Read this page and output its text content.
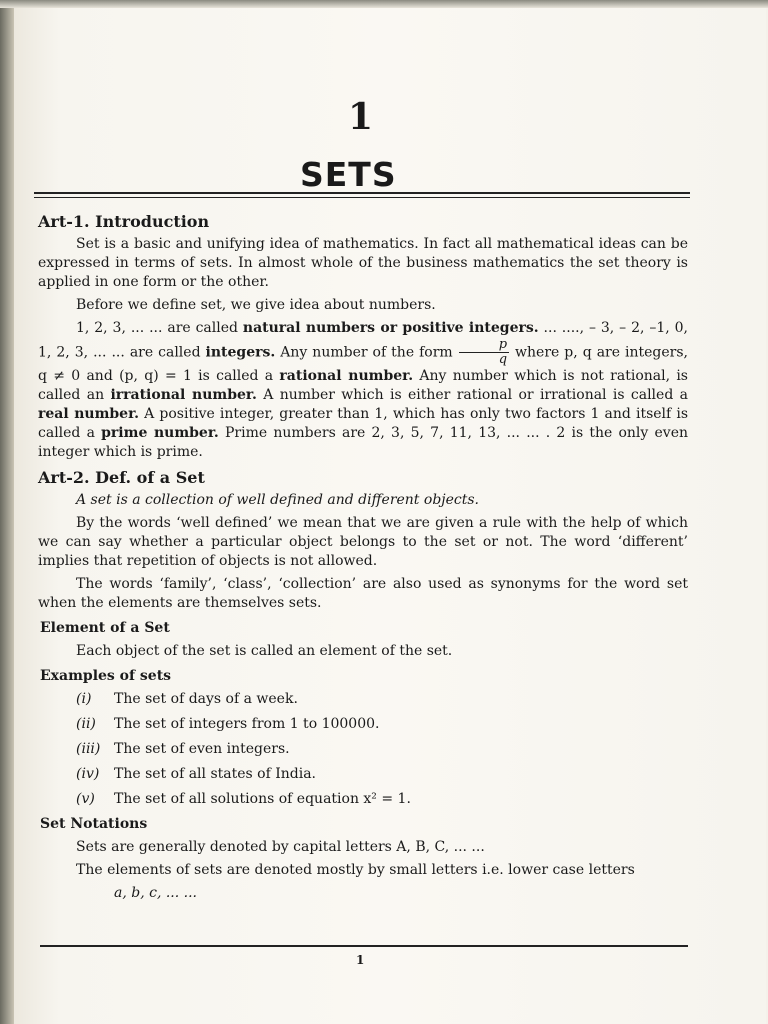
1
SETS
Art-1. Introduction

Set is a basic and unifying idea of mathematics. In fact all mathematical ideas can be expressed in terms of sets. In almost whole of the business mathematics the set theory is applied in one form or the other.

Before we define set, we give idea about numbers.

1, 2, 3, ... ... are called natural numbers or positive integers. ... ...., – 3, – 2, –1, 0, 1, 2, 3, ... ... are called integers. Any number of the form $\frac{p}{q}$ where p, q are integers, q ≠ 0 and (p, q) = 1 is called a rational number. Any number which is not rational, is called an irrational number. A number which is either rational or irrational is called a real number. A positive integer, greater than 1, which has only two factors 1 and itself is called a prime number. Prime numbers are 2, 3, 5, 7, 11, 13, ... ... . 2 is the only even integer which is prime.

Art-2. Def. of a Set

A set is a collection of well defined and different objects.

By the words ‘well defined’ we mean that we are given a rule with the help of which we can say whether a particular object belongs to the set or not. The word ‘different’ implies that repetition of objects is not allowed.

The words ‘family’, ‘class’, ‘collection’ are also used as synonyms for the word set when the elements are themselves sets.

Element of a Set

Each object of the set is called an element of the set.

Examples of sets
(i) The set of days of a week.
(ii) The set of integers from 1 to 100000.
(iii) The set of even integers.
(iv) The set of all states of India.
(v) The set of all solutions of equation x² = 1.
Set Notations

Sets are generally denoted by capital letters A, B, C, ... ...

The elements of sets are denoted mostly by small letters i.e. lower case letters

a, b, c, ... ...

1
